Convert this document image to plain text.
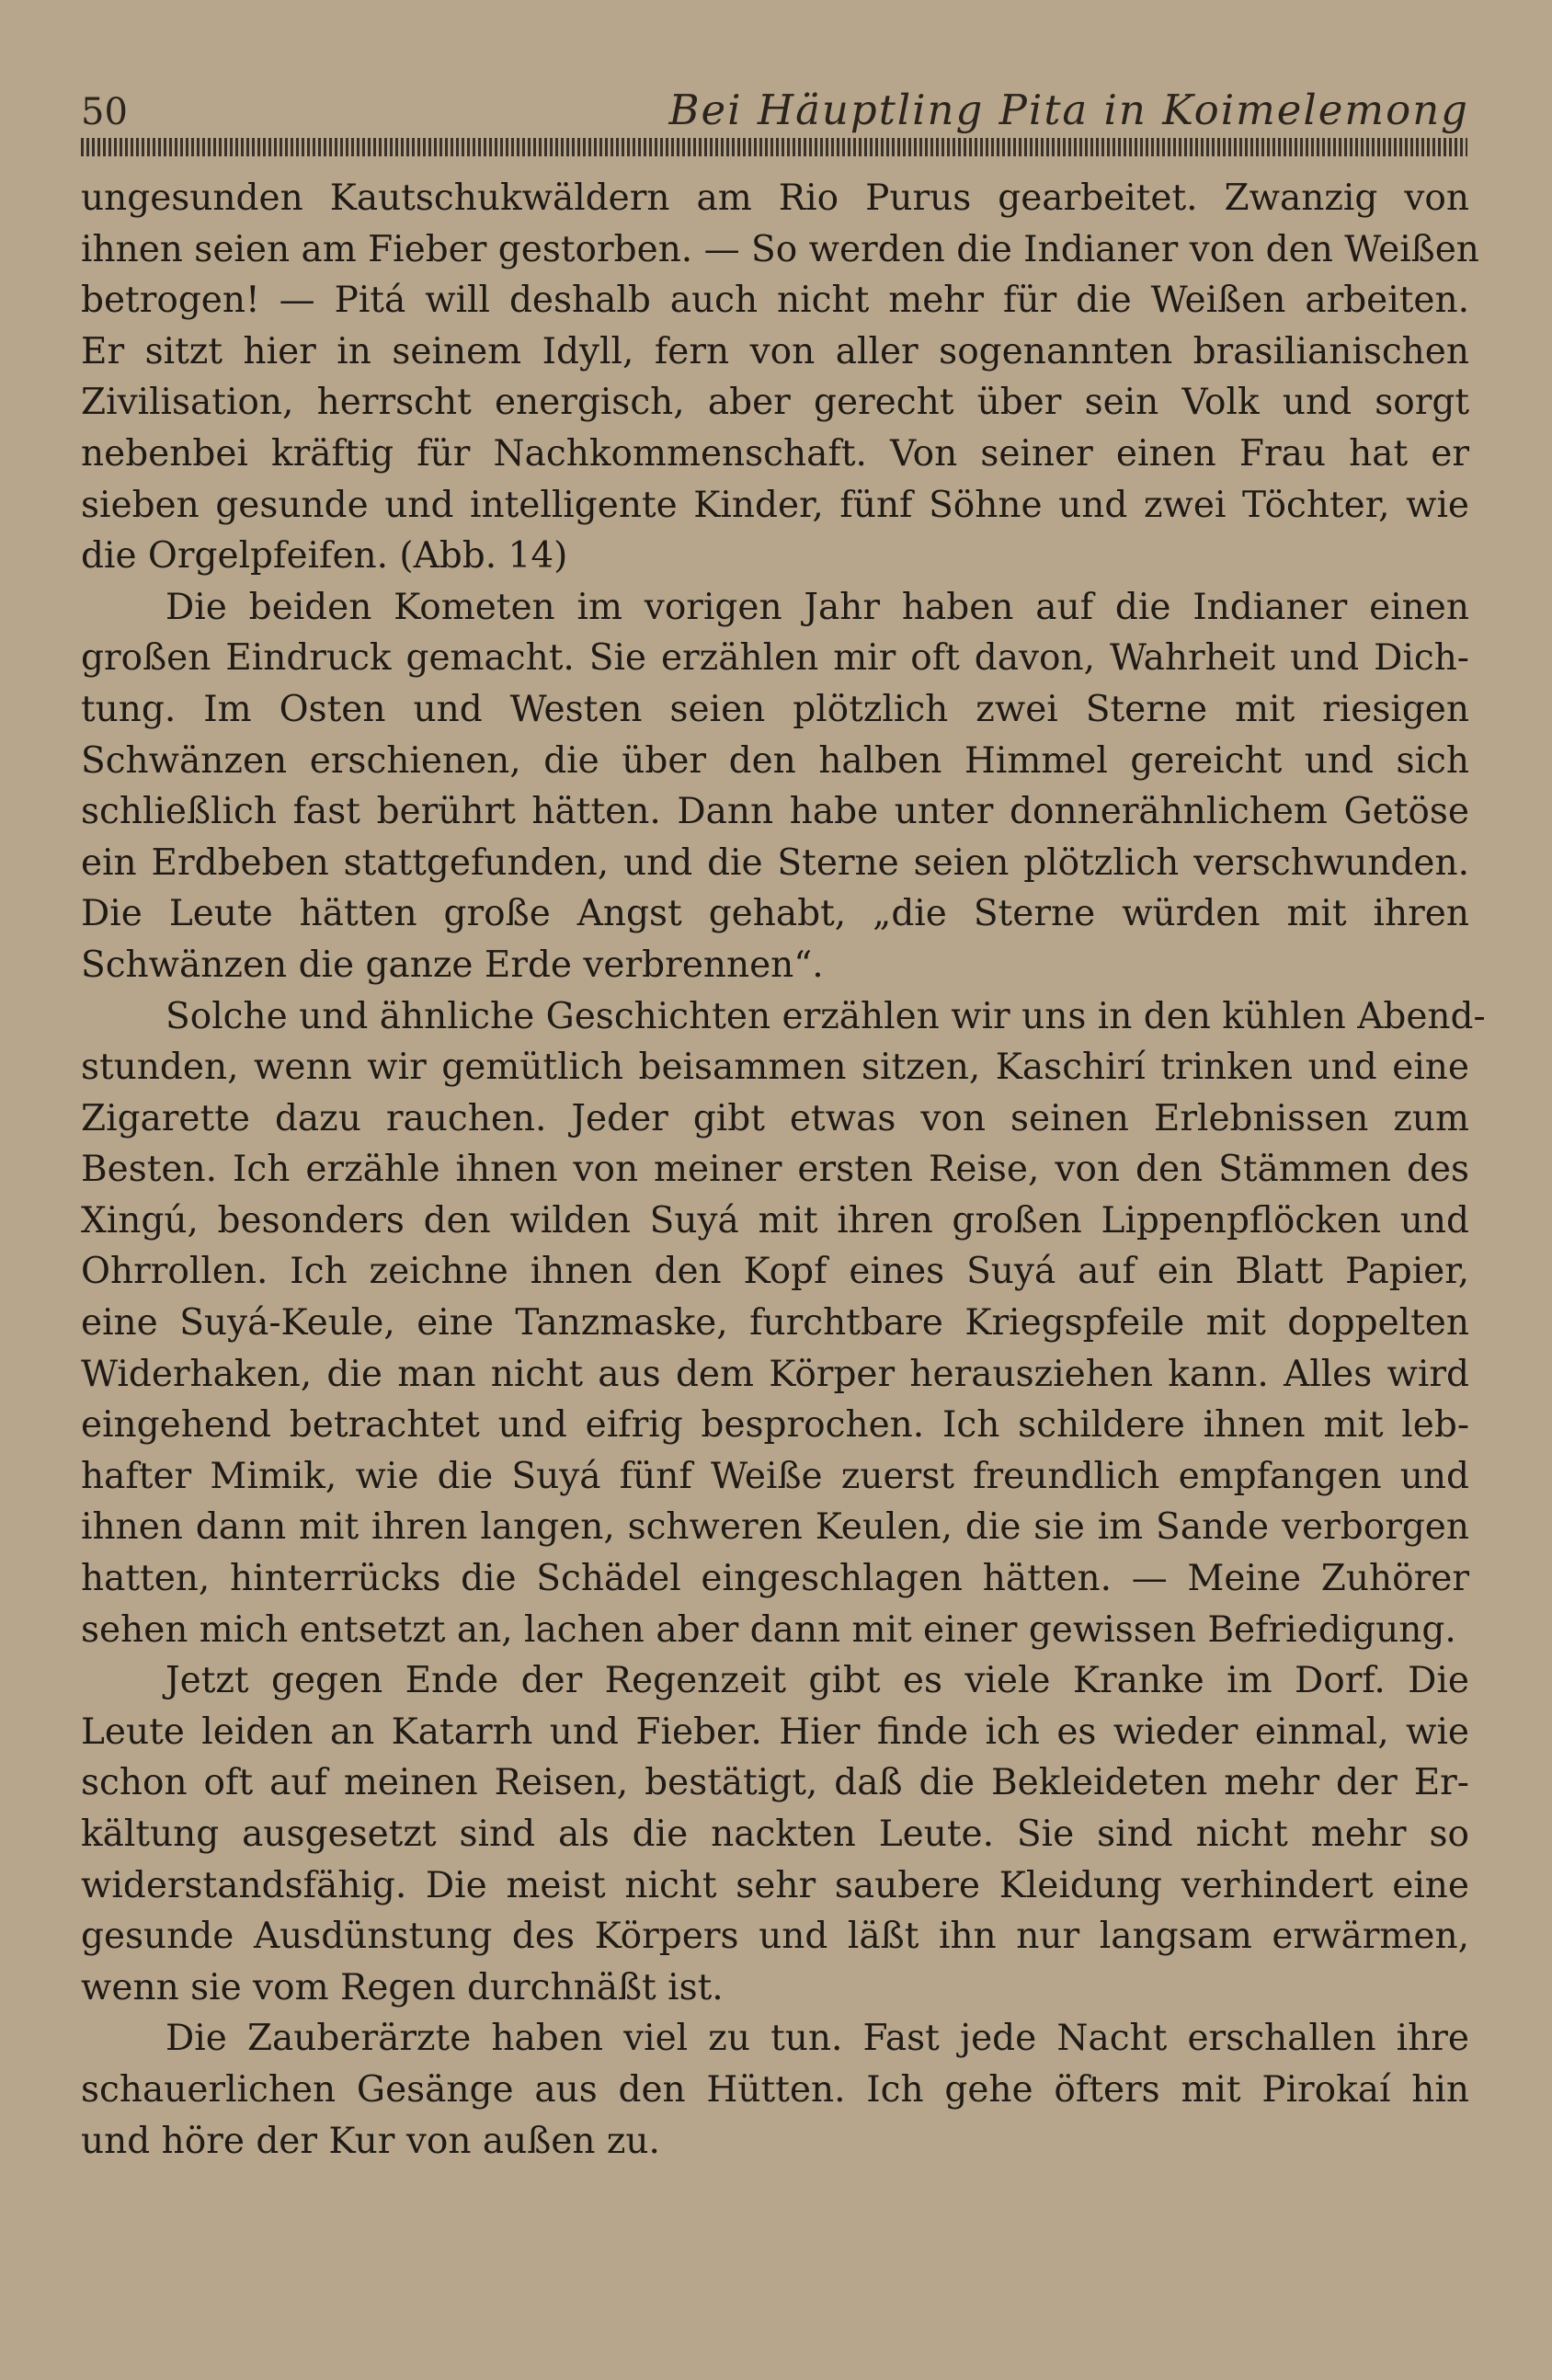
50	Bei Häuptling Pita in Koimelemong
ungesunden Kautschukwäldern am Rio Purus gearbeitet. Zwanzig von
ihnen seien am Fieber gestorben. — So werden die Indianer von den Weißen
betrogen! — Pitá will deshalb auch nicht mehr für die Weißen arbeiten.
Er sitzt hier in seinem Idyll, fern von aller sogenannten brasilianischen
Zivilisation, herrscht energisch, aber gerecht über sein Volk und sorgt
nebenbei kräftig für Nachkommenschaft. Von seiner einen Frau hat er
sieben gesunde und intelligente Kinder, fünf Söhne und zwei Töchter, wie
die Orgelpfeifen. (Abb. 14)
Die beiden Kometen im vorigen Jahr haben auf die Indianer einen
großen Eindruck gemacht. Sie erzählen mir oft davon, Wahrheit und Dich-
tung. Im Osten und Westen seien plötzlich zwei Sterne mit riesigen
Schwänzen erschienen, die über den halben Himmel gereicht und sich
schließlich fast berührt hätten. Dann habe unter donnerähnlichem Getöse
ein Erdbeben stattgefunden, und die Sterne seien plötzlich verschwunden.
Die Leute hätten große Angst gehabt, „die Sterne würden mit ihren
Schwänzen die ganze Erde verbrennen“.
Solche und ähnliche Geschichten erzählen wir uns in den kühlen Abend-
stunden, wenn wir gemütlich beisammen sitzen, Kaschirí trinken und eine
Zigarette dazu rauchen. Jeder gibt etwas von seinen Erlebnissen zum
Besten. Ich erzähle ihnen von meiner ersten Reise, von den Stämmen des
Xingú, besonders den wilden Suyá mit ihren großen Lippenpflöcken und
Ohrrollen. Ich zeichne ihnen den Kopf eines Suyá auf ein Blatt Papier,
eine Suyá-Keule, eine Tanzmaske, furchtbare Kriegspfeile mit doppelten
Widerhaken, die man nicht aus dem Körper herausziehen kann. Alles wird
eingehend betrachtet und eifrig besprochen. Ich schildere ihnen mit leb-
hafter Mimik, wie die Suyá fünf Weiße zuerst freundlich empfangen und
ihnen dann mit ihren langen, schweren Keulen, die sie im Sande verborgen
hatten, hinterrücks die Schädel eingeschlagen hätten. — Meine Zuhörer
sehen mich entsetzt an, lachen aber dann mit einer gewissen Befriedigung.
Jetzt gegen Ende der Regenzeit gibt es viele Kranke im Dorf. Die
Leute leiden an Katarrh und Fieber. Hier finde ich es wieder einmal, wie
schon oft auf meinen Reisen, bestätigt, daß die Bekleideten mehr der Er-
kältung ausgesetzt sind als die nackten Leute. Sie sind nicht mehr so
widerstandsfähig. Die meist nicht sehr saubere Kleidung verhindert eine
gesunde Ausdünstung des Körpers und läßt ihn nur langsam erwärmen,
wenn sie vom Regen durchnäßt ist.
Die Zauberärzte haben viel zu tun. Fast jede Nacht erschallen ihre
schauerlichen Gesänge aus den Hütten. Ich gehe öfters mit Pirokaí hin
und höre der Kur von außen zu.
